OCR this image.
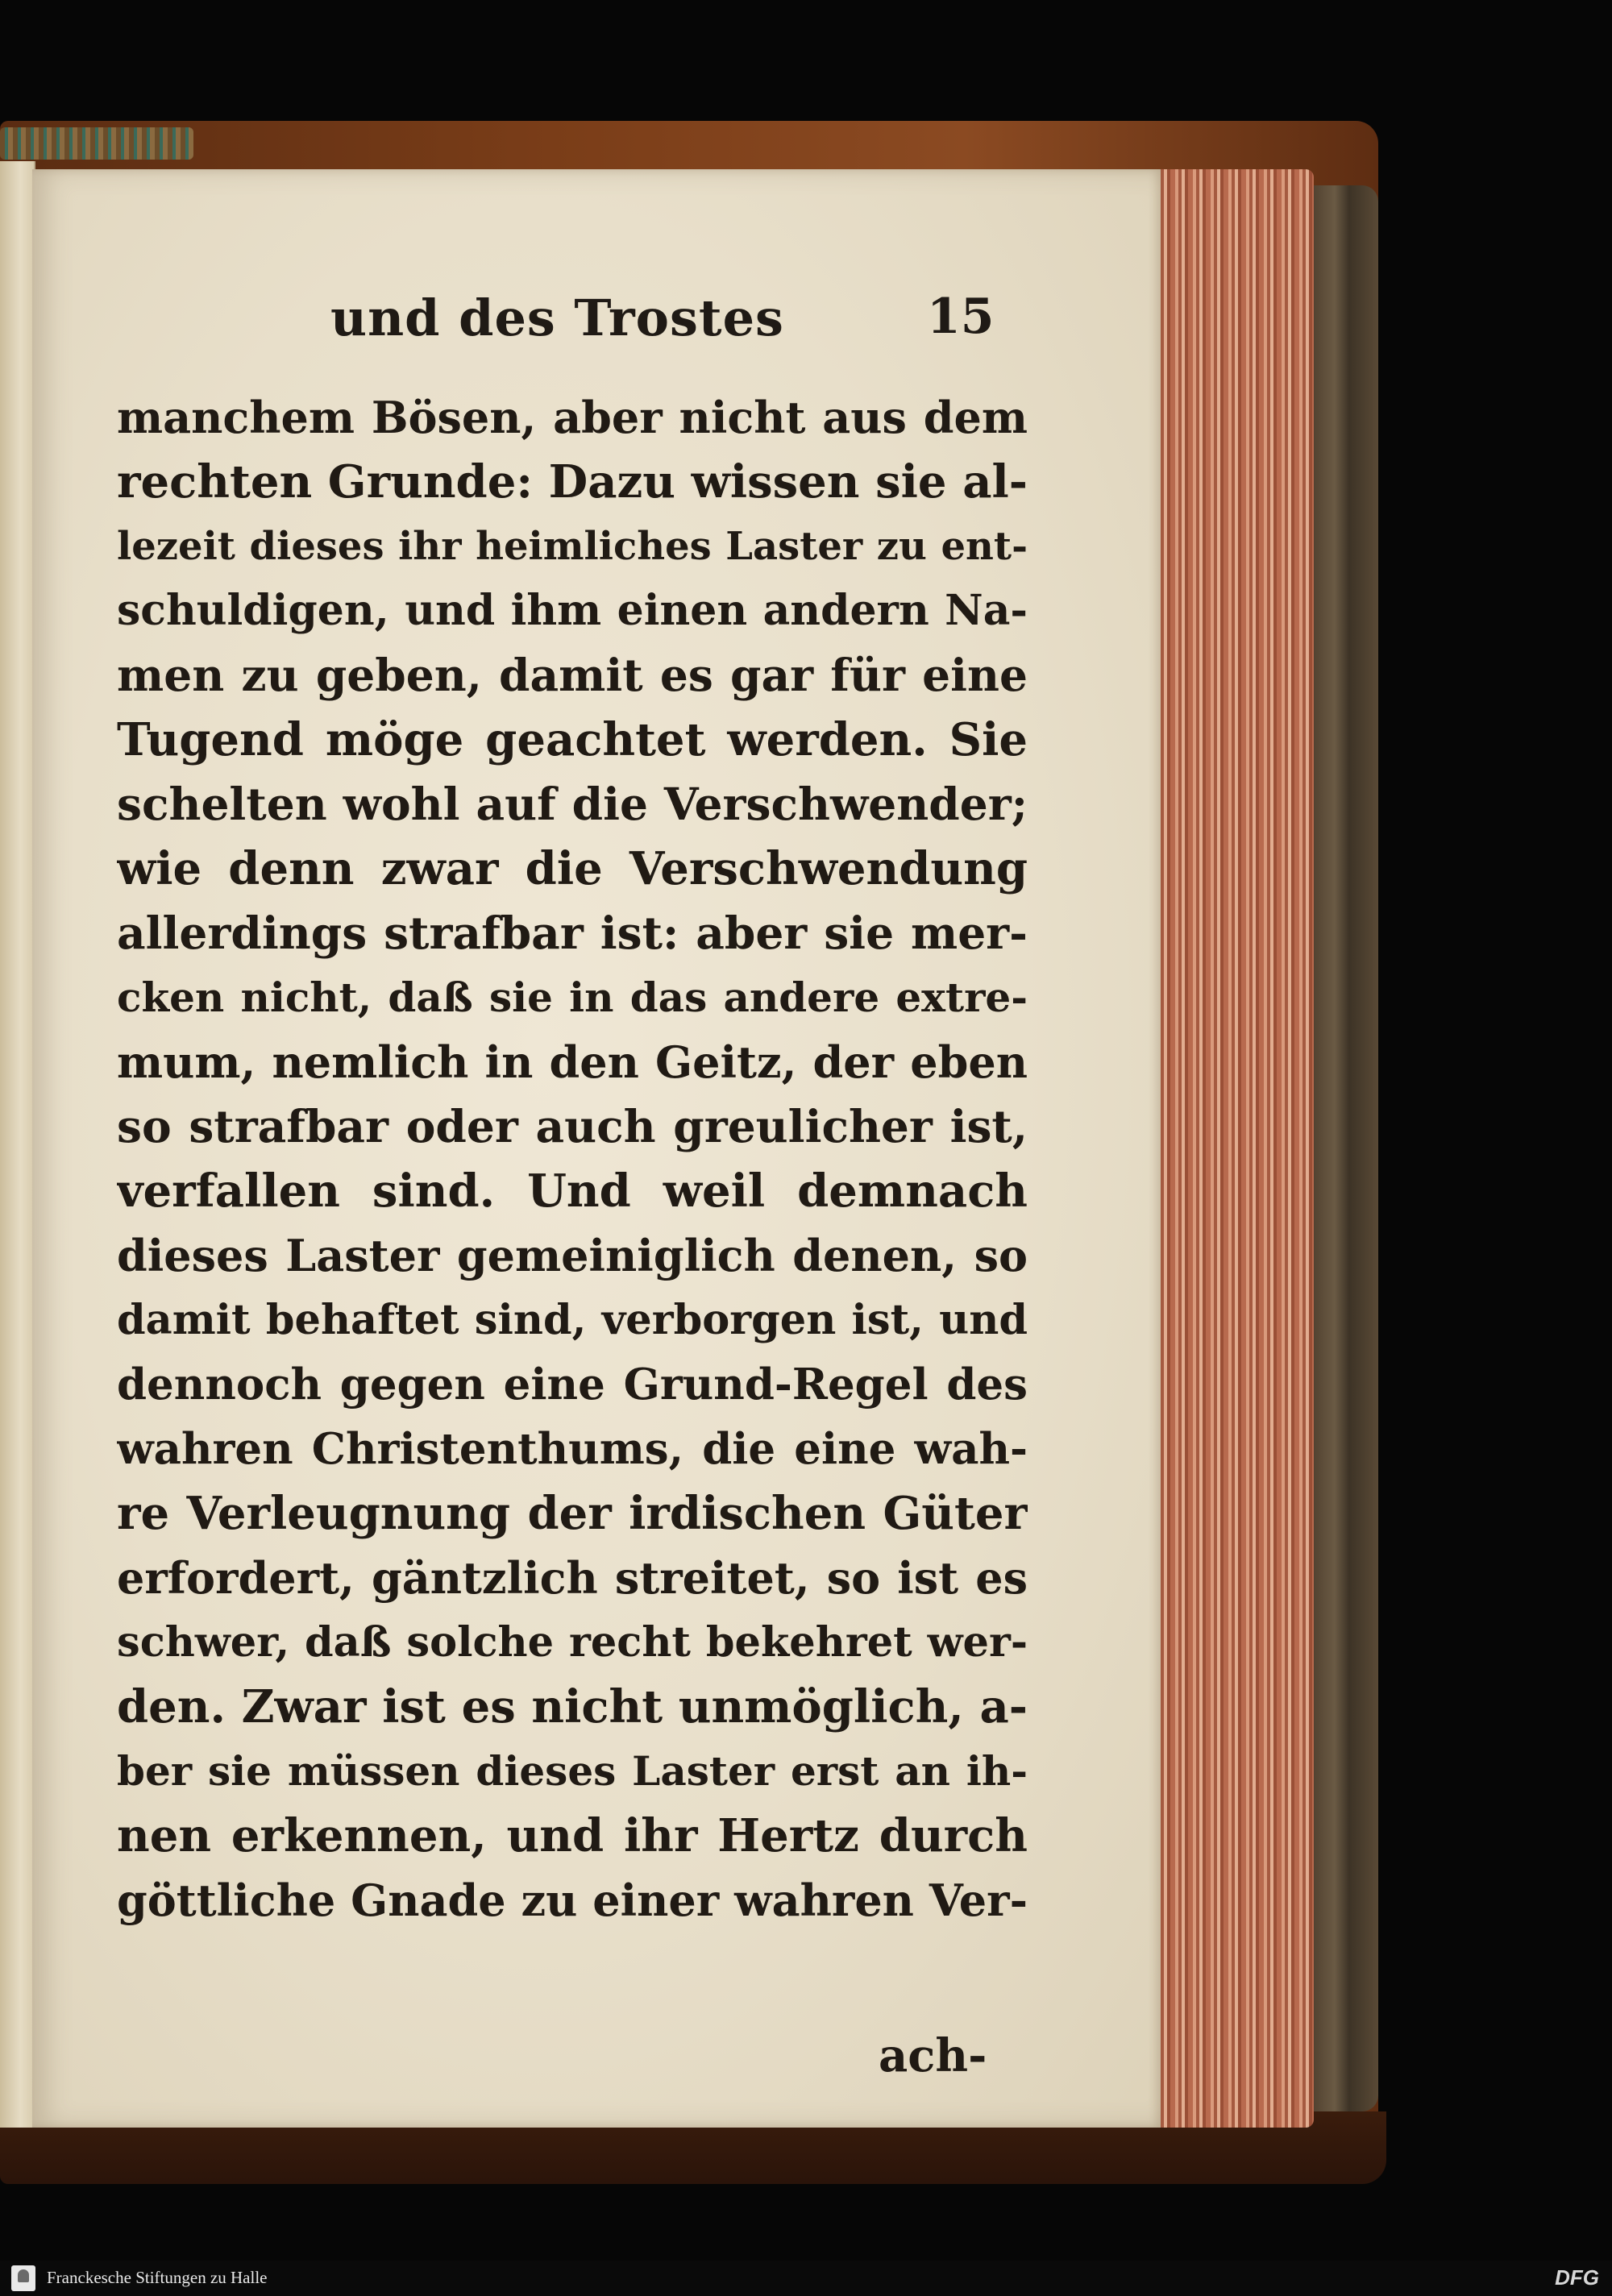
und des Trostes	15
manchem Bösen, aber nicht aus dem
rechten Grunde: Dazu wissen sie al-
lezeit dieses ihr heimliches Laster zu ent-
schuldigen, und ihm einen andern Na-
men zu geben, damit es gar für eine
Tugend möge geachtet werden. Sie
schelten wohl auf die Verschwender;
wie denn zwar die Verschwendung
allerdings strafbar ist: aber sie mer-
cken nicht, daß sie in das andere extre-
mum, nemlich in den Geitz, der eben
so strafbar oder auch greulicher ist,
verfallen sind. Und weil demnach
dieses Laster gemeiniglich denen, so
damit behaftet sind, verborgen ist, und
dennoch gegen eine Grund-Regel des
wahren Christenthums, die eine wah-
re Verleugnung der irdischen Güter
erfordert, gäntzlich streitet, so ist es
schwer, daß solche recht bekehret wer-
den. Zwar ist es nicht unmöglich, a-
ber sie müssen dieses Laster erst an ih-
nen erkennen, und ihr Hertz durch
göttliche Gnade zu einer wahren Ver-
ach-
Franckesche Stiftungen zu Halle	DFG
